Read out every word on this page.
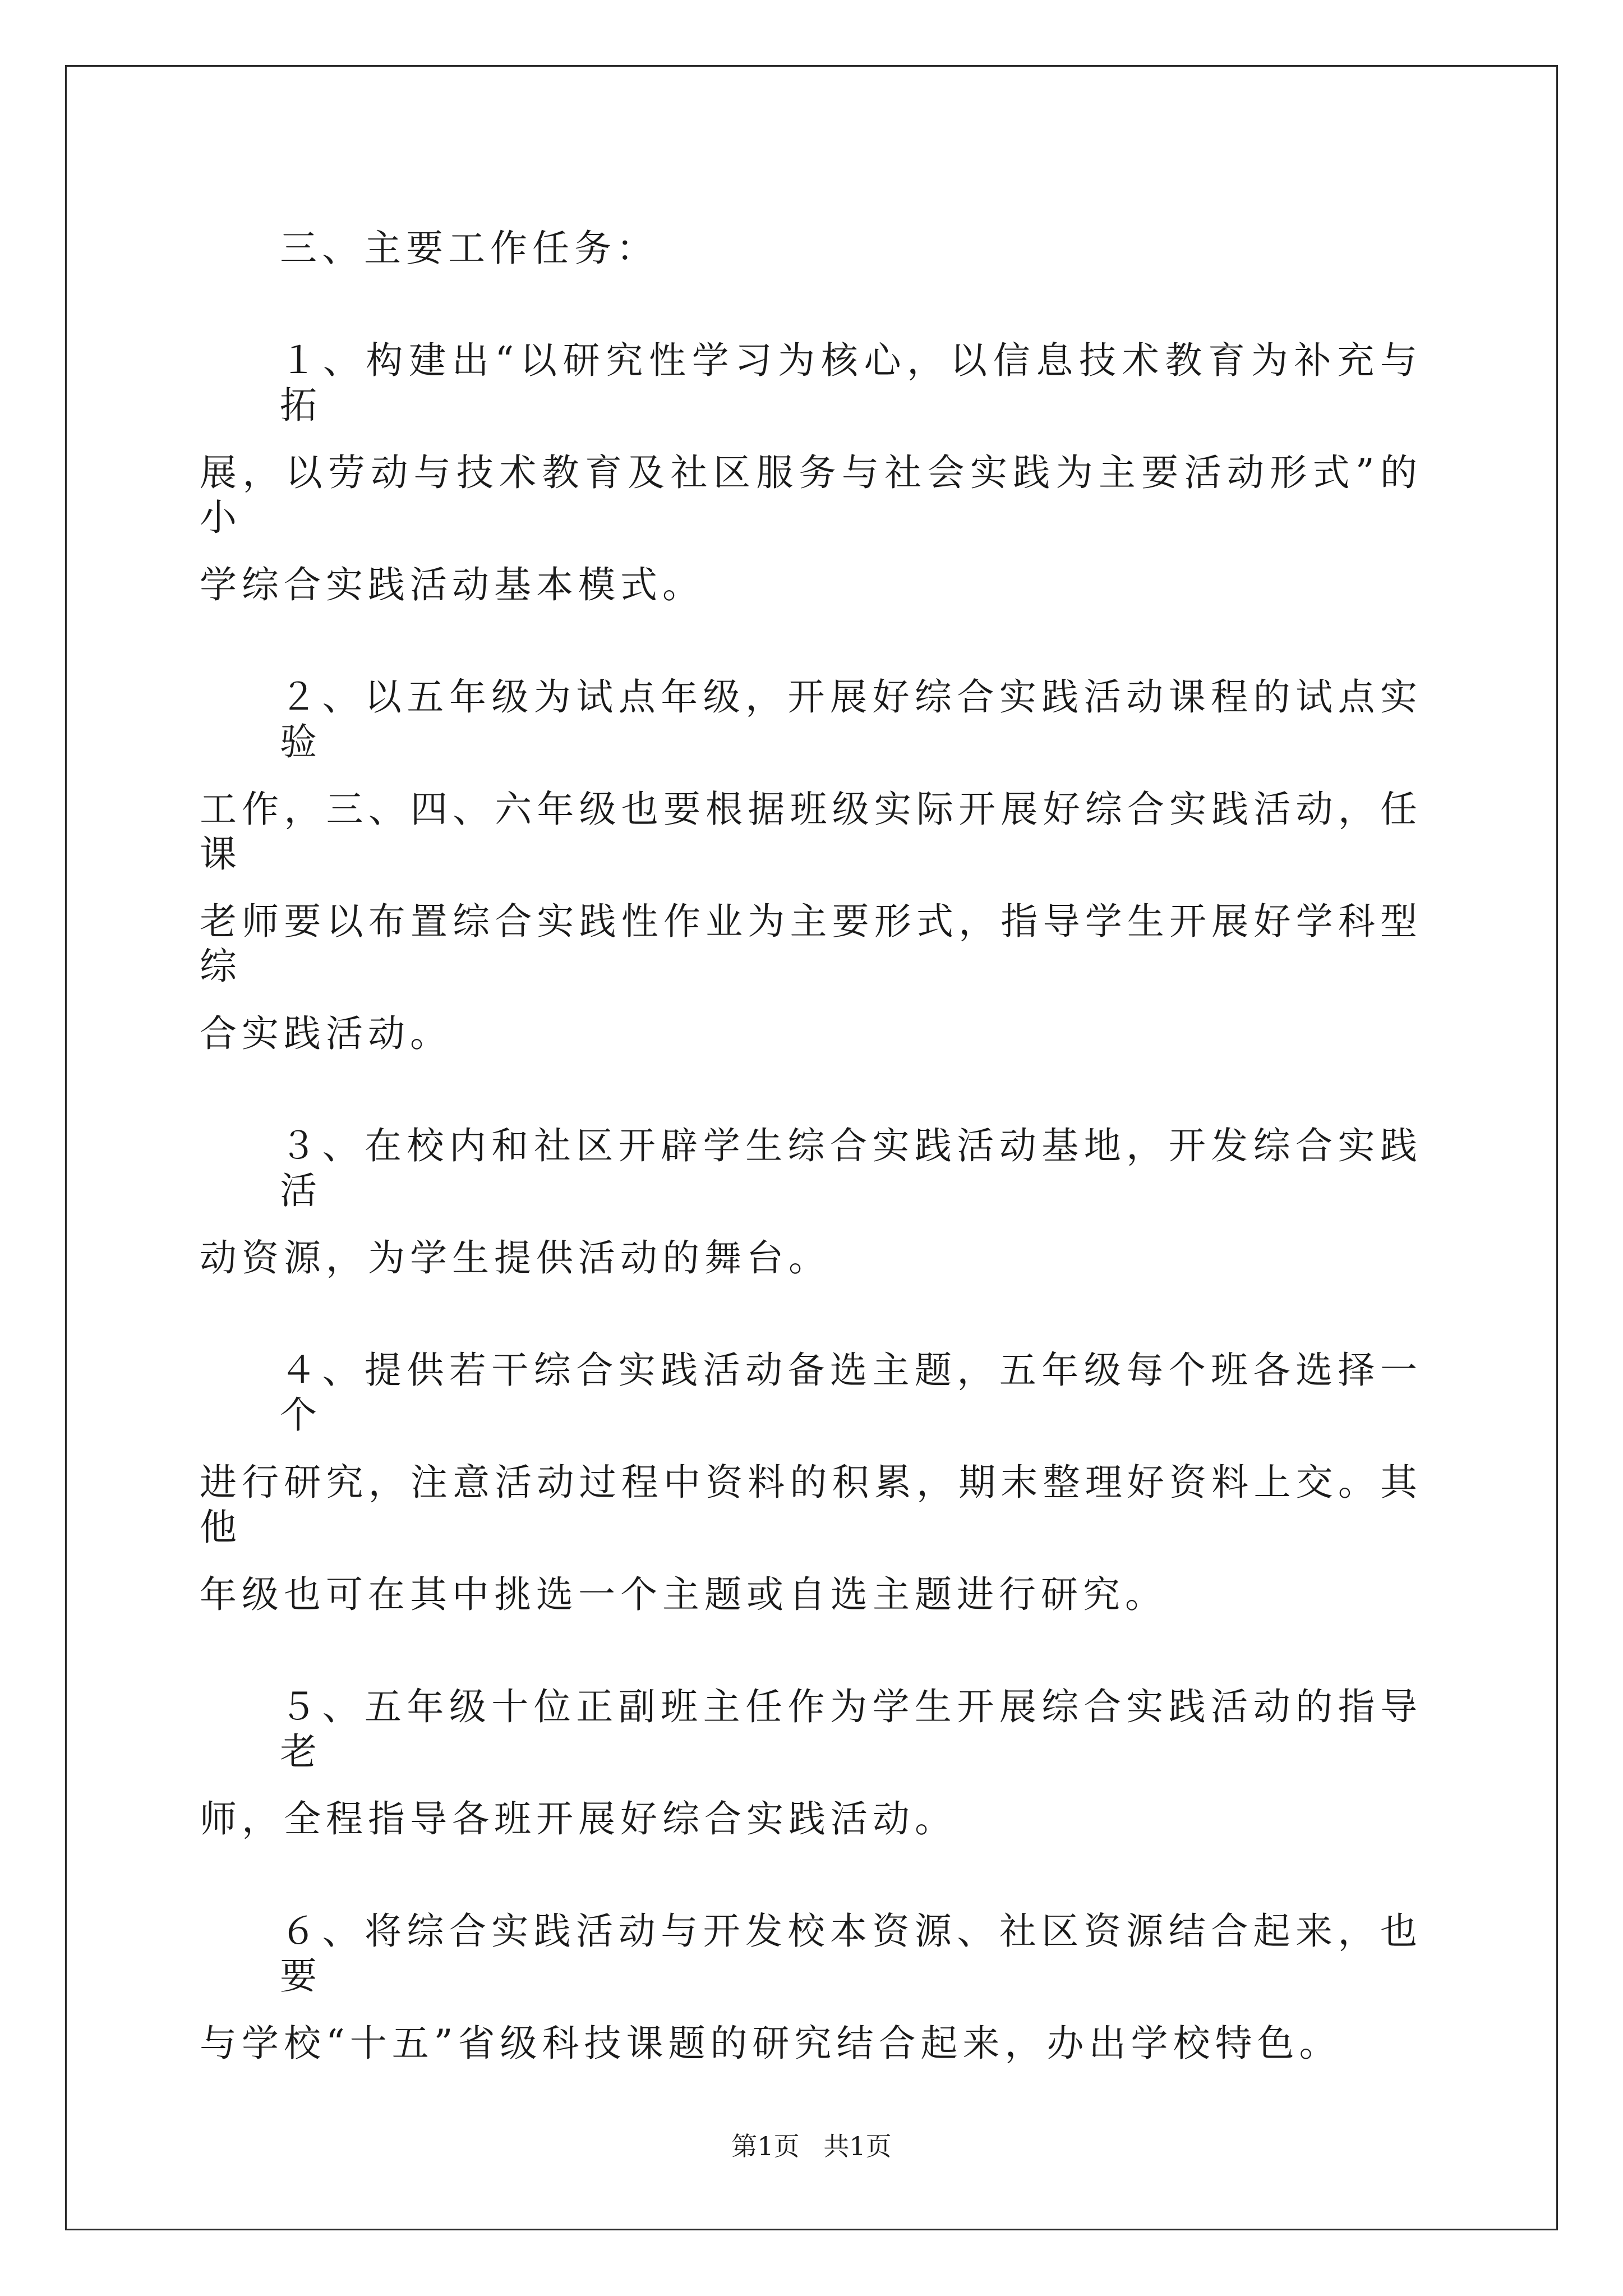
三、主要工作任务：
１、构建出“以研究性学习为核心，以信息技术教育为补充与拓
展，以劳动与技术教育及社区服务与社会实践为主要活动形式”的小
学综合实践活动基本模式。
２、以五年级为试点年级，开展好综合实践活动课程的试点实验
工作，三、四、六年级也要根据班级实际开展好综合实践活动，任课
老师要以布置综合实践性作业为主要形式，指导学生开展好学科型综
合实践活动。
３、在校内和社区开辟学生综合实践活动基地，开发综合实践活
动资源，为学生提供活动的舞台。
４、提供若干综合实践活动备选主题，五年级每个班各选择一个
进行研究，注意活动过程中资料的积累，期末整理好资料上交。其他
年级也可在其中挑选一个主题或自选主题进行研究。
５、五年级十位正副班主任作为学生开展综合实践活动的指导老
师，全程指导各班开展好综合实践活动。
６、将综合实践活动与开发校本资源、社区资源结合起来，也要
与学校“十五”省级科技课题的研究结合起来，办出学校特色。
第1页 共1页
